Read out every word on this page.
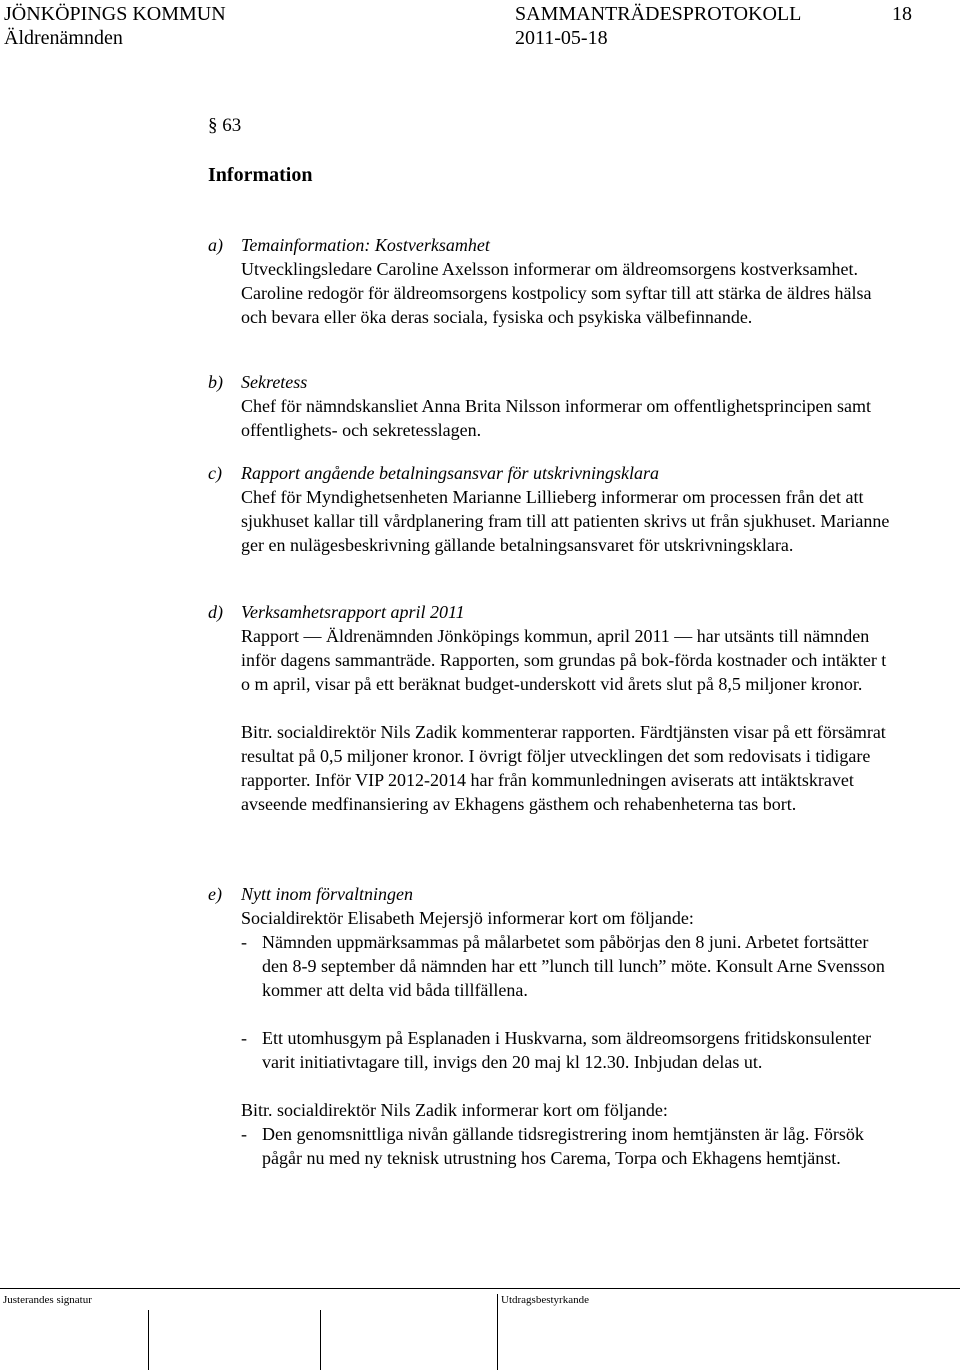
JÖNKÖPINGS KOMMUN	SAMMANTRÄDESPROTOKOLL	18
Äldrenämnden	2011-05-18
§ 63
Information
a) Temainformation: Kostverksamhet
Utvecklingsledare Caroline Axelsson informerar om äldreomsorgens kostverksamhet. Caroline redogör för äldreomsorgens kostpolicy som syftar till att stärka de äldres hälsa och bevara eller öka deras sociala, fysiska och psykiska välbefinnande.
b) Sekretess
Chef för nämndskansliet Anna Brita Nilsson informerar om offentlighetsprincipen samt offentlighets- och sekretesslagen.
c) Rapport angående betalningsansvar för utskrivningsklara
Chef för Myndighetsenheten Marianne Lillieberg informerar om processen från det att sjukhuset kallar till vårdplanering fram till att patienten skrivs ut från sjukhuset. Marianne ger en nulägesbeskrivning gällande betalningsansvaret för utskrivningsklara.
d) Verksamhetsrapport april 2011
Rapport — Äldrenämnden Jönköpings kommun, april 2011 — har utsänts till nämnden inför dagens sammanträde. Rapporten, som grundas på bok-förda kostnader och intäkter t o m april, visar på ett beräknat budget-underskott vid årets slut på 8,5 miljoner kronor.
Bitr. socialdirektör Nils Zadik kommenterar rapporten. Färdtjänsten visar på ett försämrat resultat på 0,5 miljoner kronor. I övrigt följer utvecklingen det som redovisats i tidigare rapporter. Inför VIP 2012-2014 har från kommunledningen aviserats att intäktskravet avseende medfinansiering av Ekhagens gästhem och rehabenheterna tas bort.
e) Nytt inom förvaltningen
Socialdirektör Elisabeth Mejersjö informerar kort om följande:
- Nämnden uppmärksammas på målarbetet som påbörjas den 8 juni. Arbetet fortsätter den 8-9 september då nämnden har ett ”lunch till lunch” möte. Konsult Arne Svensson kommer att delta vid båda tillfällena.
- Ett utomhusgym på Esplanaden i Huskvarna, som äldreomsorgens fritidskonsulenter varit initiativtagare till, invigs den 20 maj kl 12.30. Inbjudan delas ut.
Bitr. socialdirektör Nils Zadik informerar kort om följande:
- Den genomsnittliga nivån gällande tidsregistrering inom hemtjänsten är låg. Försök pågår nu med ny teknisk utrustning hos Carema, Torpa och Ekhagens hemtjänst.
Justerandes signatur	Utdragsbestyrkande
